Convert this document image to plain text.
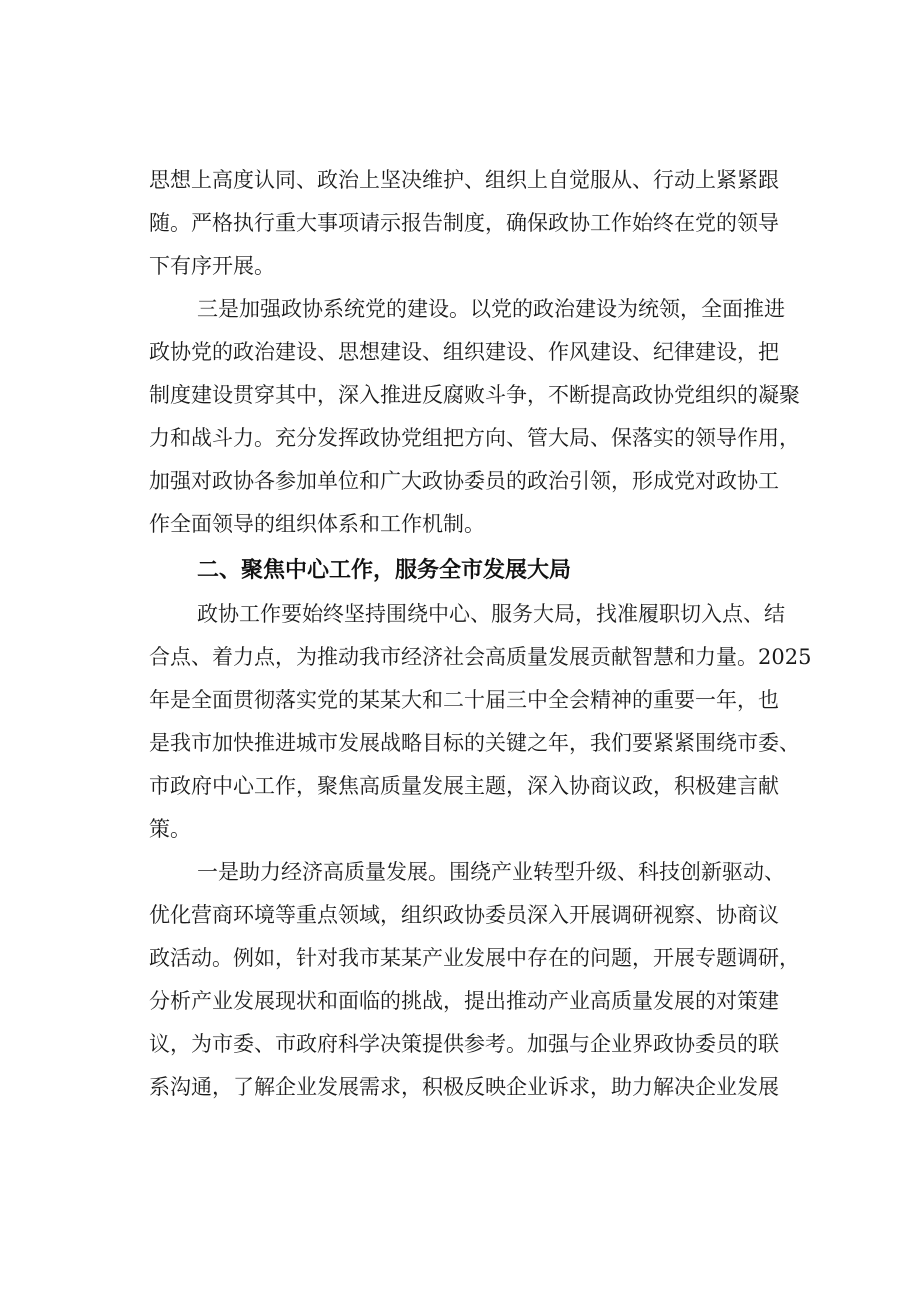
思想上高度认同、政治上坚决维护、组织上自觉服从、行动上紧紧跟
随。严格执行重大事项请示报告制度，确保政协工作始终在党的领导
下有序开展。
三是加强政协系统党的建设。以党的政治建设为统领，全面推进
政协党的政治建设、思想建设、组织建设、作风建设、纪律建设，把
制度建设贯穿其中，深入推进反腐败斗争，不断提高政协党组织的凝聚
力和战斗力。充分发挥政协党组把方向、管大局、保落实的领导作用，
加强对政协各参加单位和广大政协委员的政治引领，形成党对政协工
作全面领导的组织体系和工作机制。
二、聚焦中心工作，服务全市发展大局
政协工作要始终坚持围绕中心、服务大局，找准履职切入点、结
合点、着力点，为推动我市经济社会高质量发展贡献智慧和力量。2025
年是全面贯彻落实党的某某大和二十届三中全会精神的重要一年，也
是我市加快推进城市发展战略目标的关键之年，我们要紧紧围绕市委、
市政府中心工作，聚焦高质量发展主题，深入协商议政，积极建言献
策。
一是助力经济高质量发展。围绕产业转型升级、科技创新驱动、
优化营商环境等重点领域，组织政协委员深入开展调研视察、协商议
政活动。例如，针对我市某某产业发展中存在的问题，开展专题调研，
分析产业发展现状和面临的挑战，提出推动产业高质量发展的对策建
议，为市委、市政府科学决策提供参考。加强与企业界政协委员的联
系沟通，了解企业发展需求，积极反映企业诉求，助力解决企业发展
